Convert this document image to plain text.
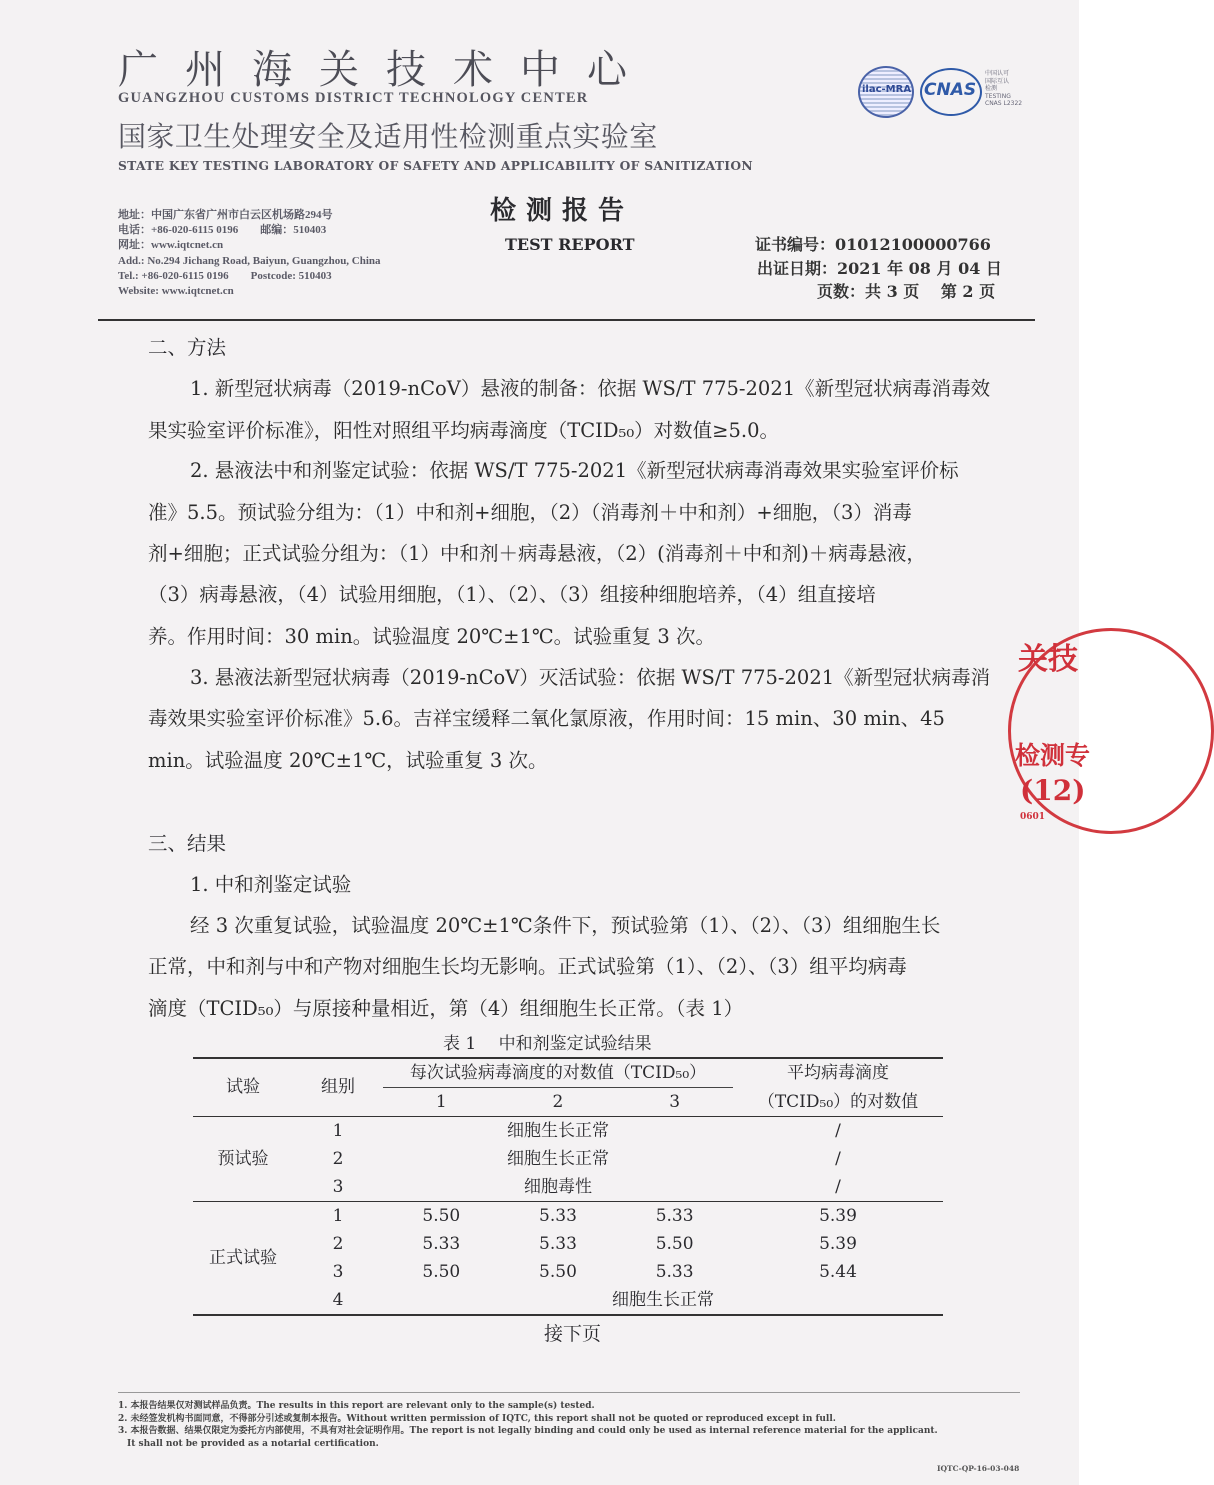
广州海关技术中心
GUANGZHOU CUSTOMS DISTRICT TECHNOLOGY CENTER
国家卫生处理安全及适用性检测重点实验室
STATE KEY TESTING LABORATORY OF SAFETY AND APPLICABILITY OF SANITIZATION
地址：中国广东省广州市白云区机场路294号
电话：+86-020-6115 0196　　邮编：510403
网址：www.iqtcnet.cn
Add.: No.294 Jichang Road, Baiyun, Guangzhou, China
Tel.: +86-020-6115 0196　　Postcode: 510403
Website: www.iqtcnet.cn
检测报告
TEST REPORT	证书编号：01012100000766
出证日期：2021 年 08 月 04 日
页数：共 3 页　 第 2 页
ilac-MRA CNAS
中国认可
国际互认
检测
TESTING
CNAS L2322
二、方法
1. 新型冠状病毒（2019-nCoV）悬液的制备：依据 WS/T 775-2021《新型冠状病毒消毒效
果实验室评价标准》，阳性对照组平均病毒滴度（TCID₅₀）对数值≥5.0。
2. 悬液法中和剂鉴定试验：依据 WS/T 775-2021《新型冠状病毒消毒效果实验室评价标
准》5.5。预试验分组为：（1）中和剂+细胞，（2）（消毒剂＋中和剂）+细胞，（3）消毒
剂+细胞；正式试验分组为：（1）中和剂＋病毒悬液，（2）(消毒剂＋中和剂)＋病毒悬液，
（3）病毒悬液，（4）试验用细胞，（1）、（2）、（3）组接种细胞培养，（4）组直接培
养。作用时间：30 min。试验温度 20℃±1℃。试验重复 3 次。
3. 悬液法新型冠状病毒（2019-nCoV）灭活试验：依据 WS/T 775-2021《新型冠状病毒消
毒效果实验室评价标准》5.6。吉祥宝缓释二氧化氯原液，作用时间：15 min、30 min、45
min。试验温度 20℃±1℃，试验重复 3 次。
三、结果
1. 中和剂鉴定试验
经 3 次重复试验，试验温度 20℃±1℃条件下，预试验第（1）、（2）、（3）组细胞生长
正常，中和剂与中和产物对细胞生长均无影响。正式试验第（1）、（2）、（3）组平均病毒
滴度（TCID₅₀）与原接种量相近，第（4）组细胞生长正常。（表 1）
表 1　 中和剂鉴定试验结果
试验	组别	每次试验病毒滴度的对数值（TCID₅₀）			平均病毒滴度
		1	2	3	（TCID₅₀）的对数值
预试验	1	细胞生长正常			/
	2	细胞生长正常			/
	3	细胞毒性			/
正式试验	1	5.50	5.33	5.33	5.39
	2	5.33	5.33	5.50	5.39
	3	5.50	5.50	5.33	5.44
	4	细胞生长正常			
接下页
1. 本报告结果仅对测试样品负责。The results in this report are relevant only to the sample(s) tested.
2. 未经签发机构书面同意，不得部分引述或复制本报告。Without written permission of IQTC, this report shall not be quoted or reproduced except in full.
3. 本报告数据、结果仅限定为委托方内部使用，不具有对社会证明作用。The report is not legally binding and could only be used as internal reference material for the applicant.
　It shall not be provided as a notarial certification.
IQTC-QP-16-03-048
关技
检测专
(12)
0601
